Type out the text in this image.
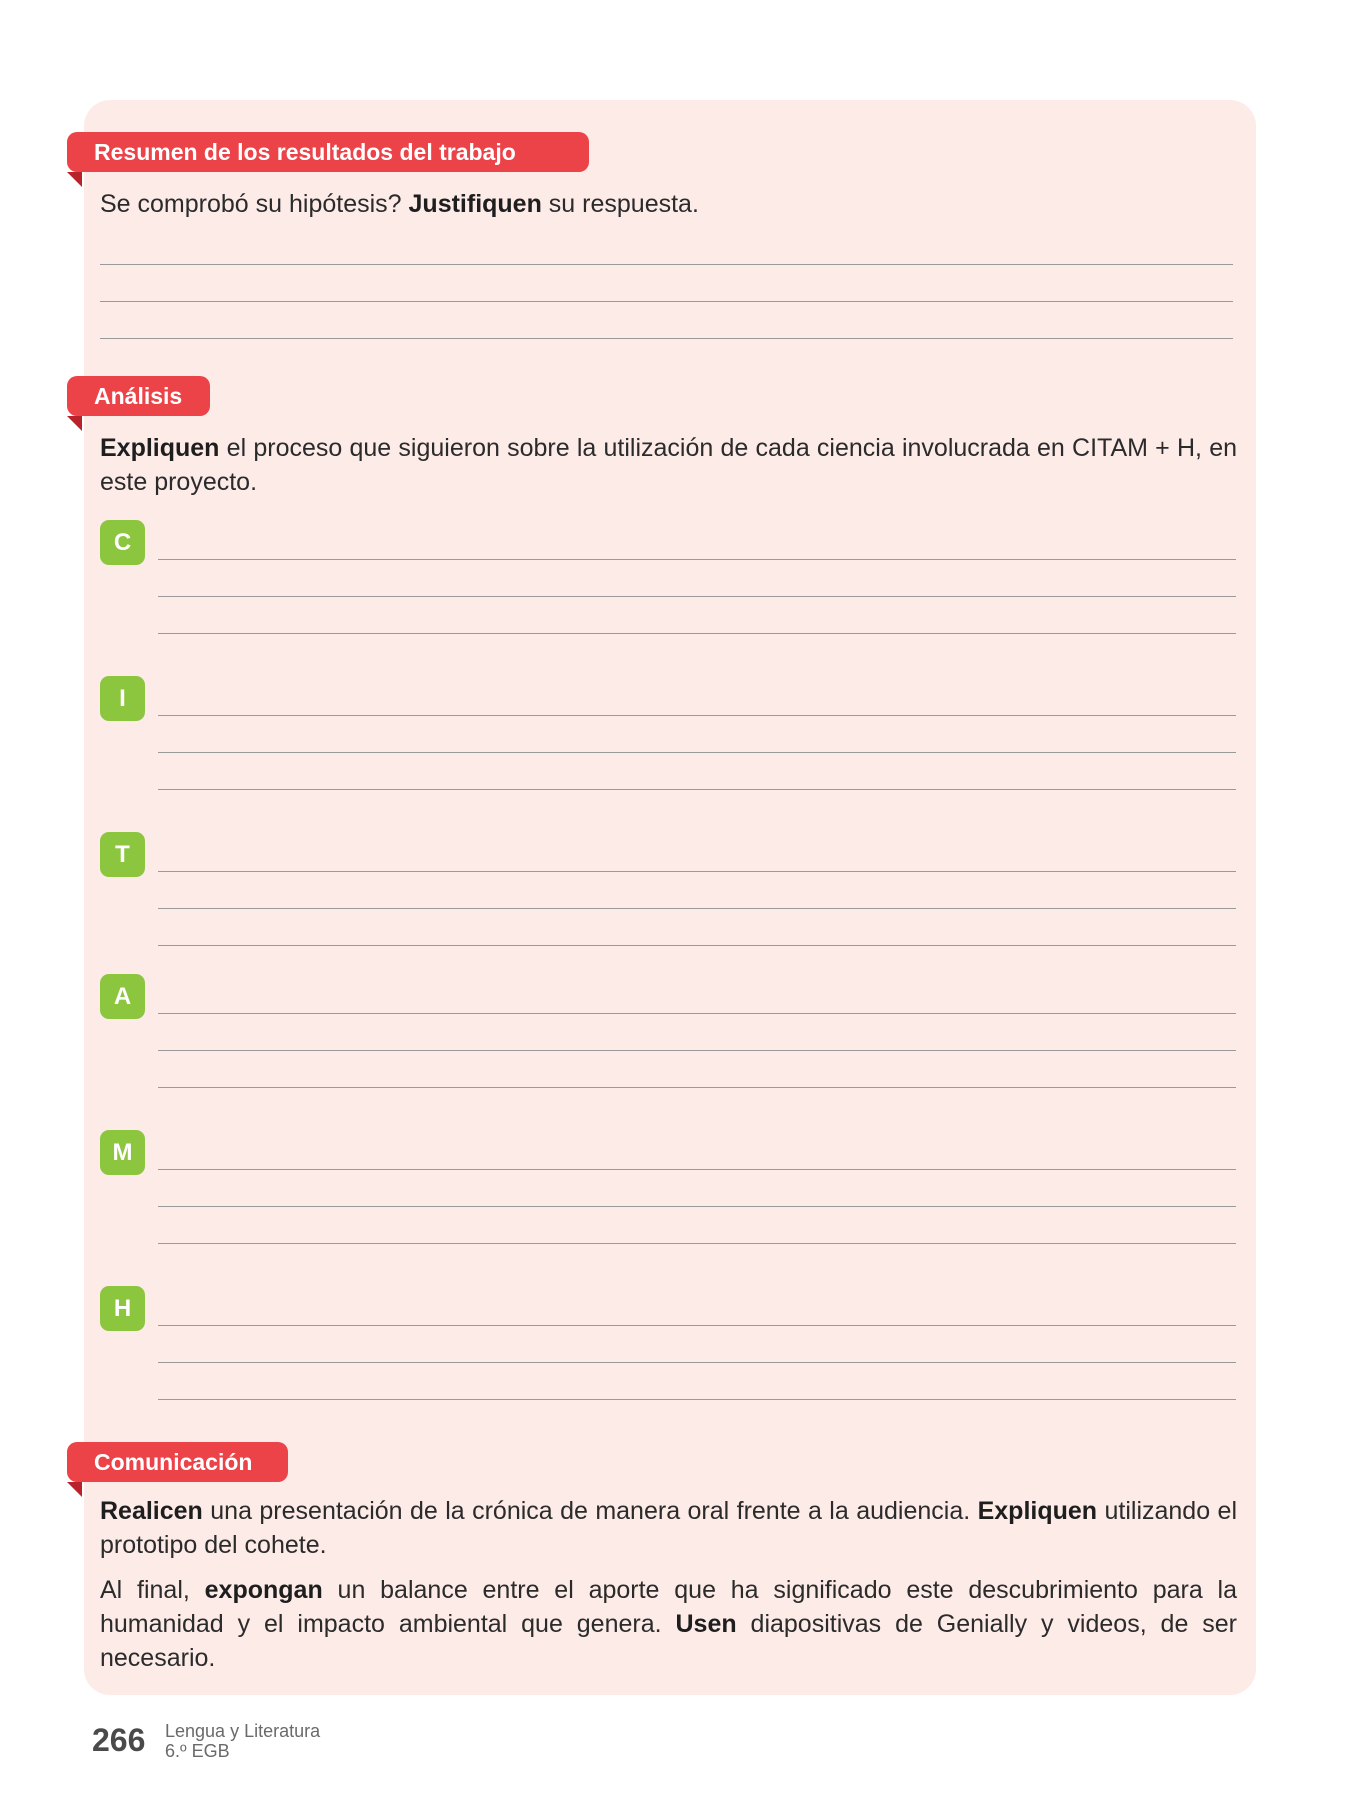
Resumen de los resultados del trabajo

Se comprobó su hipótesis? Justifiquen su respuesta.

Análisis

Expliquen el proceso que siguieron sobre la utilización de cada ciencia involucrada en CITAM + H, en este proyecto.

C
I
T
A
M
H
Comunicación

Realicen una presentación de la crónica de manera oral frente a la audiencia. Expliquen utilizando el prototipo del cohete.

Al final, expongan un balance entre el aporte que ha significado este descubrimiento para la humanidad y el impacto ambiental que genera. Usen diapositivas de Genially y videos, de ser necesario.

266 Lengua y Literatura
6.º EGB
